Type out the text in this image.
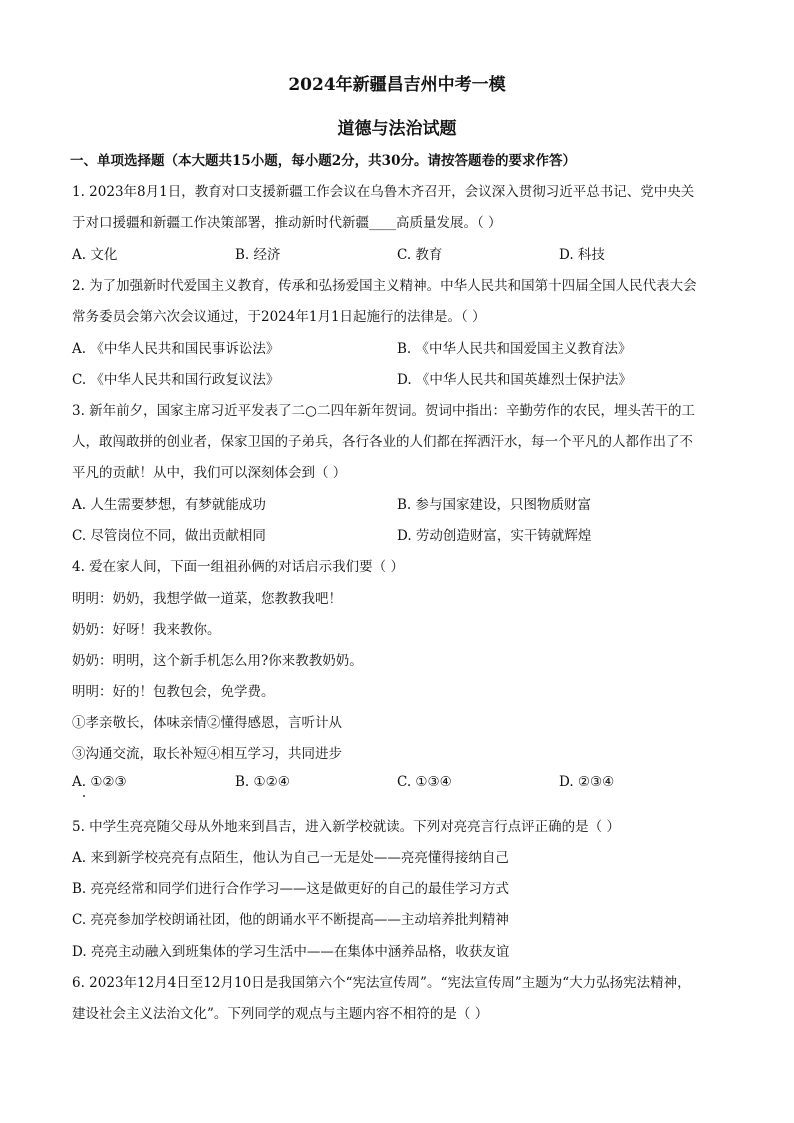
2024年新疆昌吉州中考一模
道德与法治试题
一、单项选择题（本大题共15小题，每小题2分，共30分。请按答题卷的要求作答）
1. 2023年8月1日，教育对口支援新疆工作会议在乌鲁木齐召开，会议深入贯彻习近平总书记、党中央关
于对口援疆和新疆工作决策部署，推动新时代新疆____高质量发展。（ ）
A. 文化	B. 经济	C. 教育	D. 科技
2. 为了加强新时代爱国主义教育，传承和弘扬爱国主义精神。中华人民共和国第十四届全国人民代表大会
常务委员会第六次会议通过，于2024年1月1日起施行的法律是。（ ）
A. 《中华人民共和国民事诉讼法》	B. 《中华人民共和国爱国主义教育法》
C. 《中华人民共和国行政复议法》	D. 《中华人民共和国英雄烈士保护法》
3. 新年前夕，国家主席习近平发表了二○二四年新年贺词。贺词中指出：辛勤劳作的农民，埋头苦干的工
人，敢闯敢拼的创业者，保家卫国的子弟兵，各行各业的人们都在挥洒汗水，每一个平凡的人都作出了不
平凡的贡献！从中，我们可以深刻体会到（ ）
A. 人生需要梦想，有梦就能成功	B. 参与国家建设，只图物质财富
C. 尽管岗位不同，做出贡献相同	D. 劳动创造财富，实干铸就辉煌
4. 爱在家人间，下面一组祖孙俩的对话启示我们要（ ）
明明：奶奶，我想学做一道菜，您教教我吧！
奶奶：好呀！我来教你。
奶奶：明明，这个新手机怎么用?你来教教奶奶。
明明：好的！包教包会，免学费。
①孝亲敬长，体味亲情②懂得感恩，言听计从
③沟通交流，取长补短④相互学习，共同进步
A. ①②③	B. ①②④	C. ①③④	D. ②③④
5. 中学生亮亮随父母从外地来到昌吉，进入新学校就读。下列对亮亮言行点评正确的是（ ）
A. 来到新学校亮亮有点陌生，他认为自己一无是处——亮亮懂得接纳自己
B. 亮亮经常和同学们进行合作学习——这是做更好的自己的最佳学习方式
C. 亮亮参加学校朗诵社团，他的朗诵水平不断提高——主动培养批判精神
D. 亮亮主动融入到班集体的学习生活中——在集体中涵养品格，收获友谊
6. 2023年12月4日至12月10日是我国第六个“宪法宣传周”。“宪法宣传周”主题为“大力弘扬宪法精神，
建设社会主义法治文化”。下列同学的观点与主题内容不相符的是（ ）
